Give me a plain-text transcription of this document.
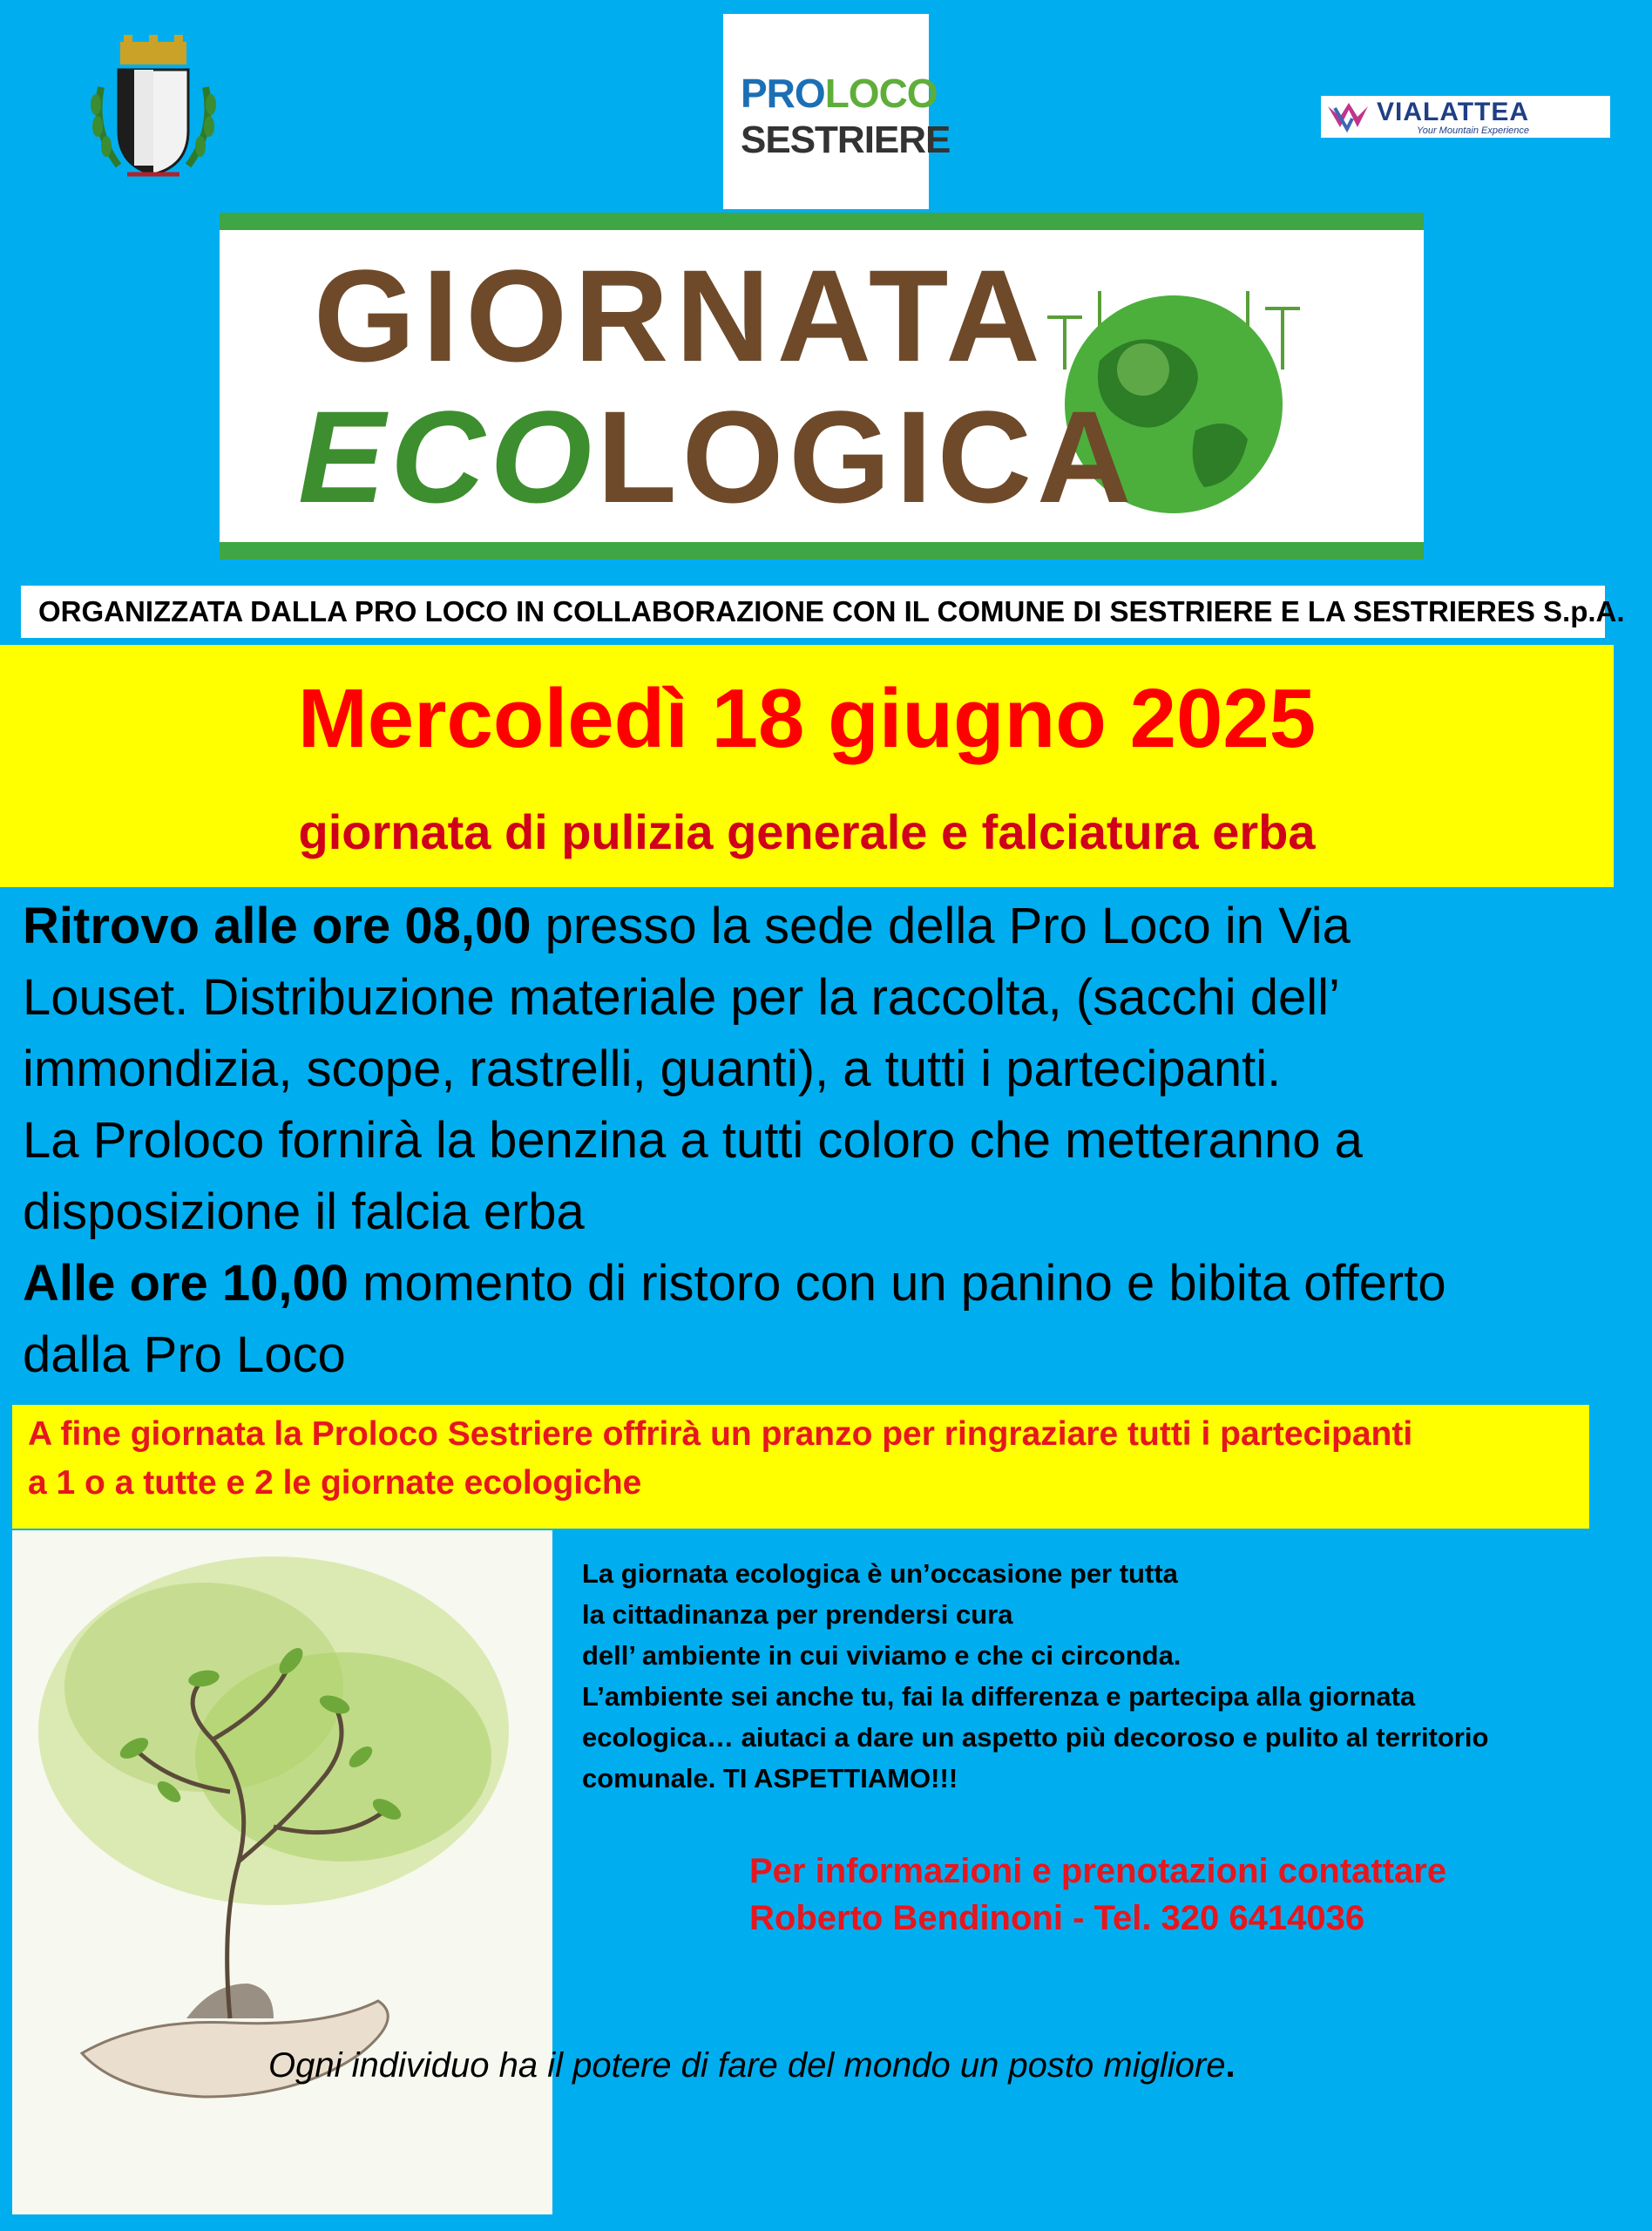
PROLOCO
SESTRIERE
VIALATTEA
Your Mountain Experience
GIORNATA
ECOLOGICA
ORGANIZZATA DALLA PRO LOCO IN COLLABORAZIONE CON IL COMUNE DI SESTRIERE E LA SESTRIERES S.p.A.
Mercoledì 18 giugno 2025
giornata di pulizia generale e falciatura erba
Ritrovo alle ore 08,00 presso la sede della Pro Loco in Via
Louset. Distribuzione materiale per la raccolta, (sacchi dell’
immondizia, scope, rastrelli, guanti), a tutti i partecipanti.
La Proloco fornirà la benzina a tutti coloro che metteranno a
disposizione il falcia erba
Alle ore 10,00 momento di ristoro con un panino e bibita offerto
dalla Pro Loco
A fine giornata la Proloco Sestriere offrirà un pranzo per ringraziare tutti i partecipanti
a 1 o a tutte e 2 le giornate ecologiche
La giornata ecologica è un’occasione per tutta
la cittadinanza per prendersi cura
dell’ ambiente in cui viviamo e che ci circonda.
L’ambiente sei anche tu, fai la differenza e partecipa alla giornata
ecologica… aiutaci a dare un aspetto più decoroso e pulito al territorio
comunale. TI ASPETTIAMO!!!
Per informazioni e prenotazioni contattare
Roberto Bendinoni - Tel. 320 6414036
Ogni individuo ha il potere di fare del mondo un posto migliore.
